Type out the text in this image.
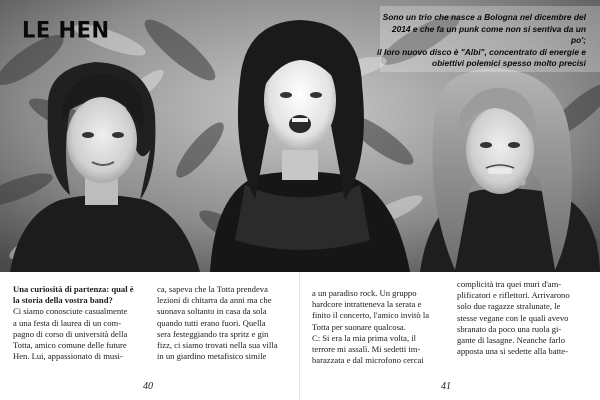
LE HEN
Sono un trio che nasce a Bologna nel dicembre del
2014 e che fa un punk come non si sentiva da un po';
il loro nuovo disco è "Albi", concentrato di energie e
obiettivi polemici spesso molto precisi
Una curiosità di partenza: qual è
la storia della vostra band?
Ci siamo conosciute casualmente
a una festa di laurea di un com-
pagno di corso di università della
Totta, amico comune delle future
Hen. Lui, appassionato di musi-
ca, sapeva che la Totta prendeva
lezioni di chitarra da anni ma che
suonava soltanto in casa da sola
quando tutti erano fuori. Quella
sera festeggiando tra spritz e gin
fizz, ci siamo trovati nella sua villa
in un giardino metafisico simile
a un paradiso rock. Un gruppo
hardcore intratteneva la serata e
finito il concerto, l'amico invitò la
Totta per suonare qualcosa.
C: Si era la mia prima volta, il
terrore mi assalì. Mi sedetti im-
barazzata e dal microfono cercai
complicità tra quei muri d'am-
plificatori e riflettori. Arrivarono
solo due ragazze stralunate, le
stesse vegane con le quali avevo
sbranato da poco una ruola gi-
gante di lasagne. Neanche farlo
apposta una si sedette alla batte-
40	41
